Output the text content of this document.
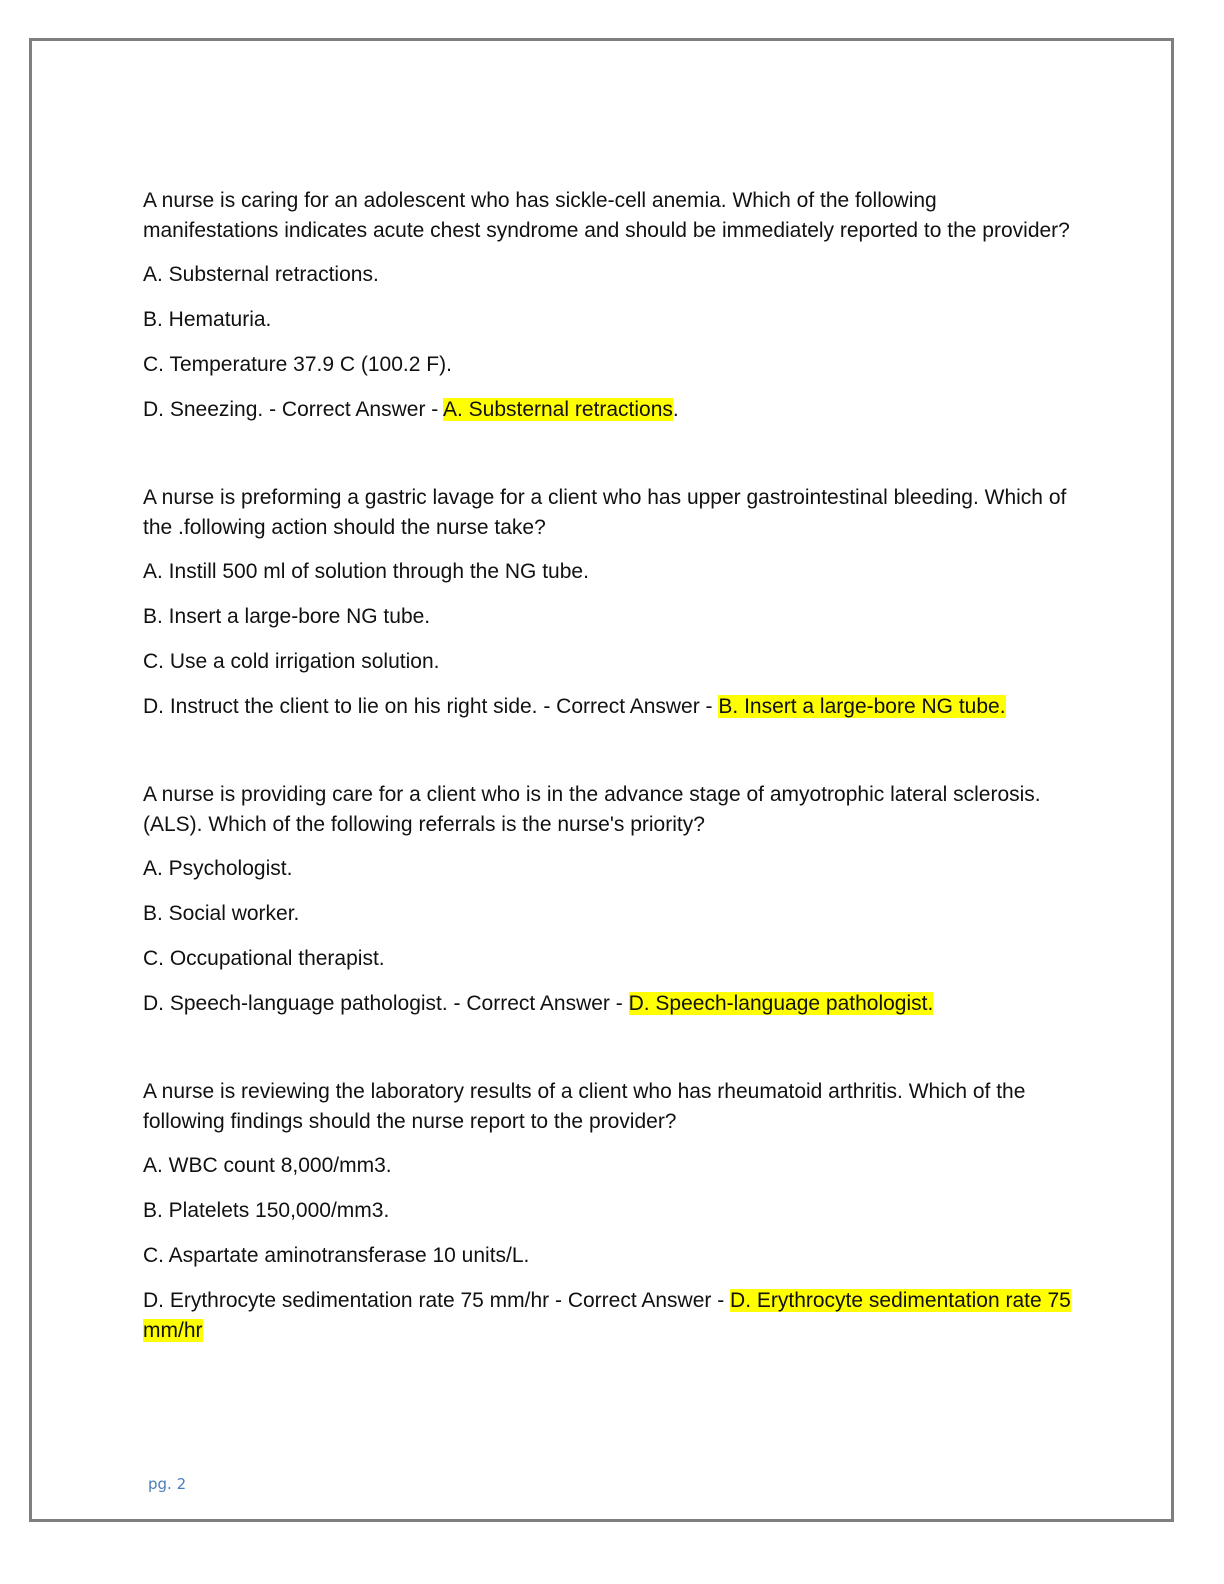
A nurse is caring for an adolescent who has sickle-cell anemia. Which of the following manifestations indicates acute chest syndrome and should be immediately reported to the provider?

A. Substernal retractions.

B. Hematuria.

C. Temperature 37.9 C (100.2 F).

D. Sneezing. - Correct Answer - A. Substernal retractions.

A nurse is preforming a gastric lavage for a client who has upper gastrointestinal bleeding. Which of the .following action should the nurse take?

A. Instill 500 ml of solution through the NG tube.

B. Insert a large-bore NG tube.

C. Use a cold irrigation solution.

D. Instruct the client to lie on his right side. - Correct Answer - B. Insert a large-bore NG tube.

A nurse is providing care for a client who is in the advance stage of amyotrophic lateral sclerosis. (ALS). Which of the following referrals is the nurse's priority?

A. Psychologist.

B. Social worker.

C. Occupational therapist.

D. Speech-language pathologist. - Correct Answer - D. Speech-language pathologist.

A nurse is reviewing the laboratory results of a client who has rheumatoid arthritis. Which of the following findings should the nurse report to the provider?

A. WBC count 8,000/mm3.

B. Platelets 150,000/mm3.

C. Aspartate aminotransferase 10 units/L.

D. Erythrocyte sedimentation rate 75 mm/hr - Correct Answer - D. Erythrocyte sedimentation rate 75 mm/hr

pg. 2
